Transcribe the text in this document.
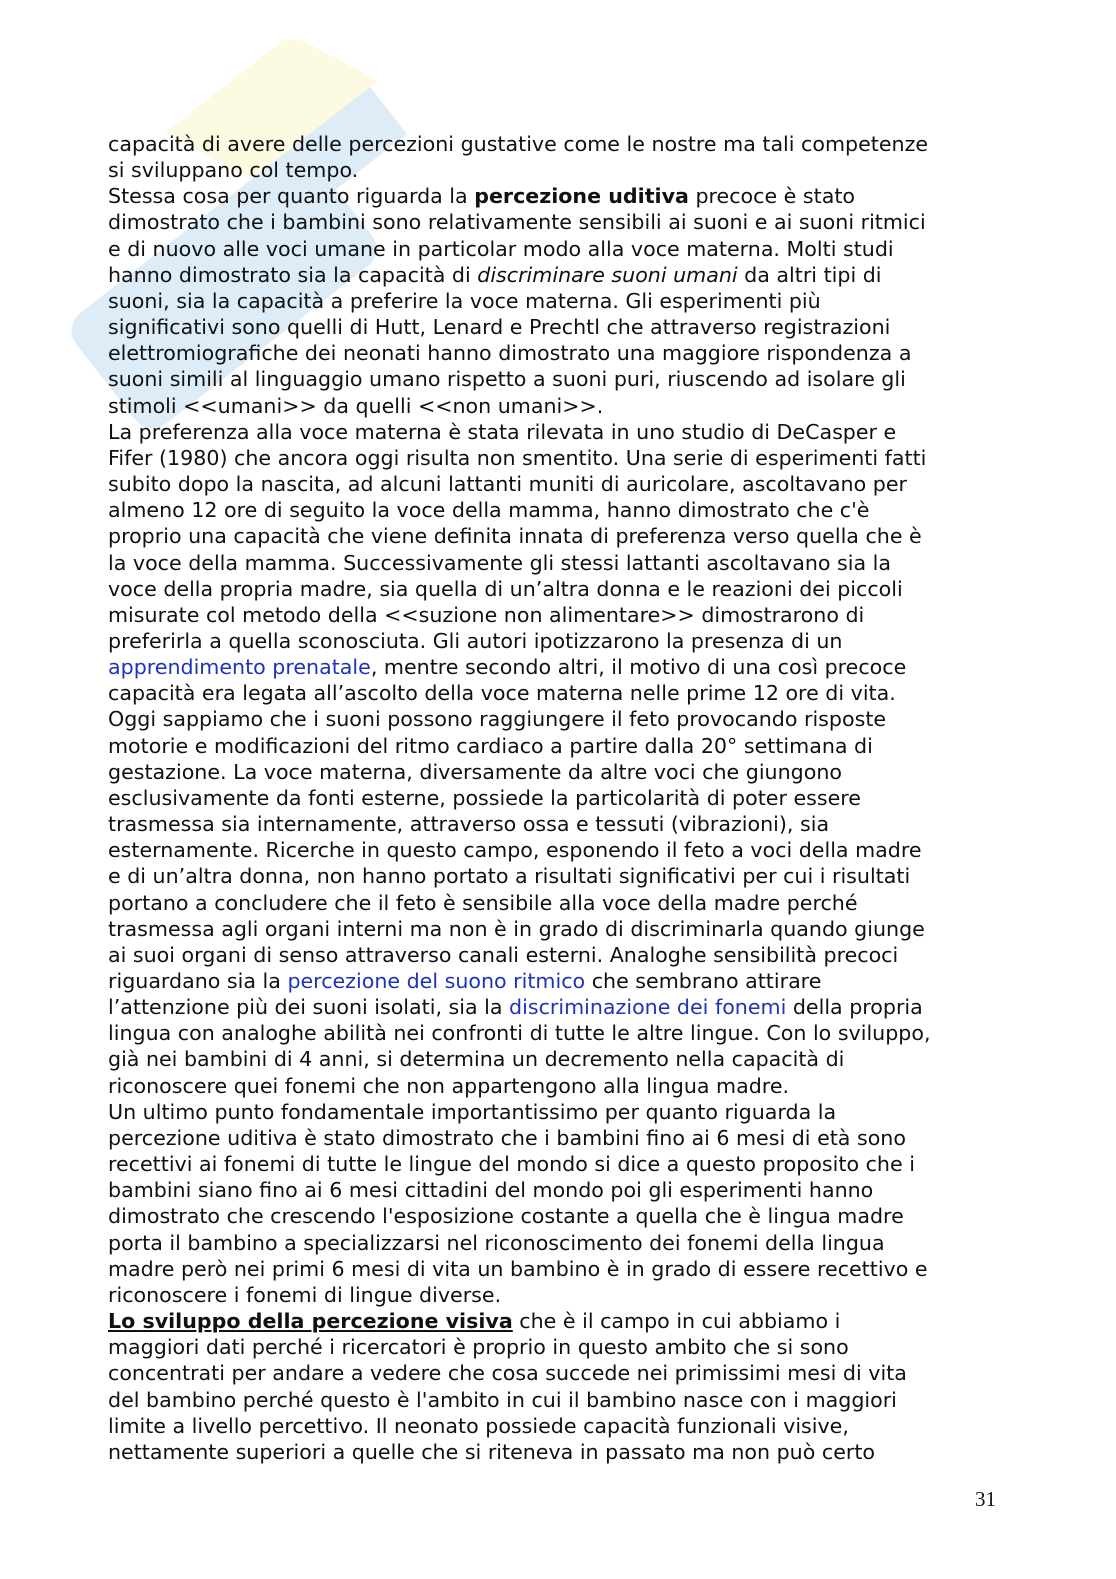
capacità di avere delle percezioni gustative come le nostre ma tali competenze
si sviluppano col tempo.
Stessa cosa per quanto riguarda la percezione uditiva precoce è stato
dimostrato che i bambini sono relativamente sensibili ai suoni e ai suoni ritmici
e di nuovo alle voci umane in particolar modo alla voce materna. Molti studi
hanno dimostrato sia la capacità di discriminare suoni umani da altri tipi di
suoni, sia la capacità a preferire la voce materna. Gli esperimenti più
significativi sono quelli di Hutt, Lenard e Prechtl che attraverso registrazioni
elettromiografiche dei neonati hanno dimostrato una maggiore rispondenza a
suoni simili al linguaggio umano rispetto a suoni puri, riuscendo ad isolare gli
stimoli <<umani>> da quelli <<non umani>>.
La preferenza alla voce materna è stata rilevata in uno studio di DeCasper e
Fifer (1980) che ancora oggi risulta non smentito. Una serie di esperimenti fatti
subito dopo la nascita, ad alcuni lattanti muniti di auricolare, ascoltavano per
almeno 12 ore di seguito la voce della mamma, hanno dimostrato che c'è
proprio una capacità che viene definita innata di preferenza verso quella che è
la voce della mamma. Successivamente gli stessi lattanti ascoltavano sia la
voce della propria madre, sia quella di un’altra donna e le reazioni dei piccoli
misurate col metodo della <<suzione non alimentare>> dimostrarono di
preferirla a quella sconosciuta. Gli autori ipotizzarono la presenza di un
apprendimento prenatale, mentre secondo altri, il motivo di una così precoce
capacità era legata all’ascolto della voce materna nelle prime 12 ore di vita.
Oggi sappiamo che i suoni possono raggiungere il feto provocando risposte
motorie e modificazioni del ritmo cardiaco a partire dalla 20° settimana di
gestazione. La voce materna, diversamente da altre voci che giungono
esclusivamente da fonti esterne, possiede la particolarità di poter essere
trasmessa sia internamente, attraverso ossa e tessuti (vibrazioni), sia
esternamente. Ricerche in questo campo, esponendo il feto a voci della madre
e di un’altra donna, non hanno portato a risultati significativi per cui i risultati
portano a concludere che il feto è sensibile alla voce della madre perché
trasmessa agli organi interni ma non è in grado di discriminarla quando giunge
ai suoi organi di senso attraverso canali esterni. Analoghe sensibilità precoci
riguardano sia la percezione del suono ritmico che sembrano attirare
l’attenzione più dei suoni isolati, sia la discriminazione dei fonemi della propria
lingua con analoghe abilità nei confronti di tutte le altre lingue. Con lo sviluppo,
già nei bambini di 4 anni, si determina un decremento nella capacità di
riconoscere quei fonemi che non appartengono alla lingua madre.
Un ultimo punto fondamentale importantissimo per quanto riguarda la
percezione uditiva è stato dimostrato che i bambini fino ai 6 mesi di età sono
recettivi ai fonemi di tutte le lingue del mondo si dice a questo proposito che i
bambini siano fino ai 6 mesi cittadini del mondo poi gli esperimenti hanno
dimostrato che crescendo l'esposizione costante a quella che è lingua madre
porta il bambino a specializzarsi nel riconoscimento dei fonemi della lingua
madre però nei primi 6 mesi di vita un bambino è in grado di essere recettivo e
riconoscere i fonemi di lingue diverse.
Lo sviluppo della percezione visiva che è il campo in cui abbiamo i
maggiori dati perché i ricercatori è proprio in questo ambito che si sono
concentrati per andare a vedere che cosa succede nei primissimi mesi di vita
del bambino perché questo è l'ambito in cui il bambino nasce con i maggiori
limite a livello percettivo. Il neonato possiede capacità funzionali visive,
nettamente superiori a quelle che si riteneva in passato ma non può certo
31
